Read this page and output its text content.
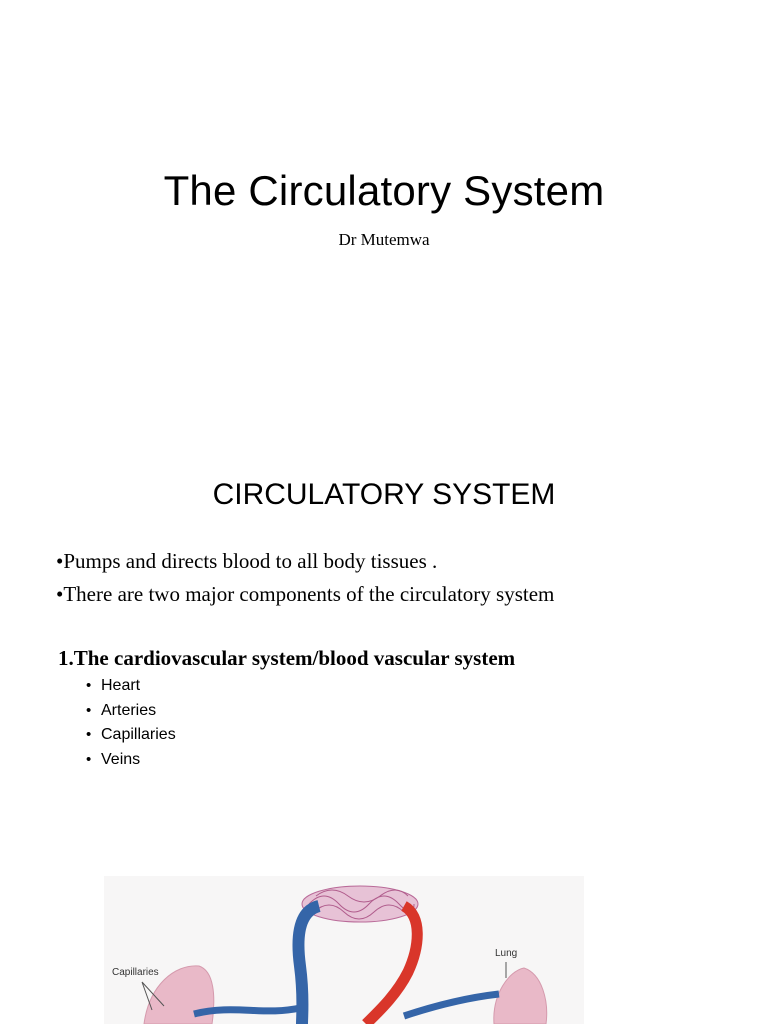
The Circulatory System
Dr Mutemwa
CIRCULATORY SYSTEM
•Pumps and directs blood to all body tissues .
•There are two major components of the circulatory system
1.The cardiovascular system/blood vascular system
• Heart
• Arteries
• Capillaries
• Veins
Capillaries
Lung
